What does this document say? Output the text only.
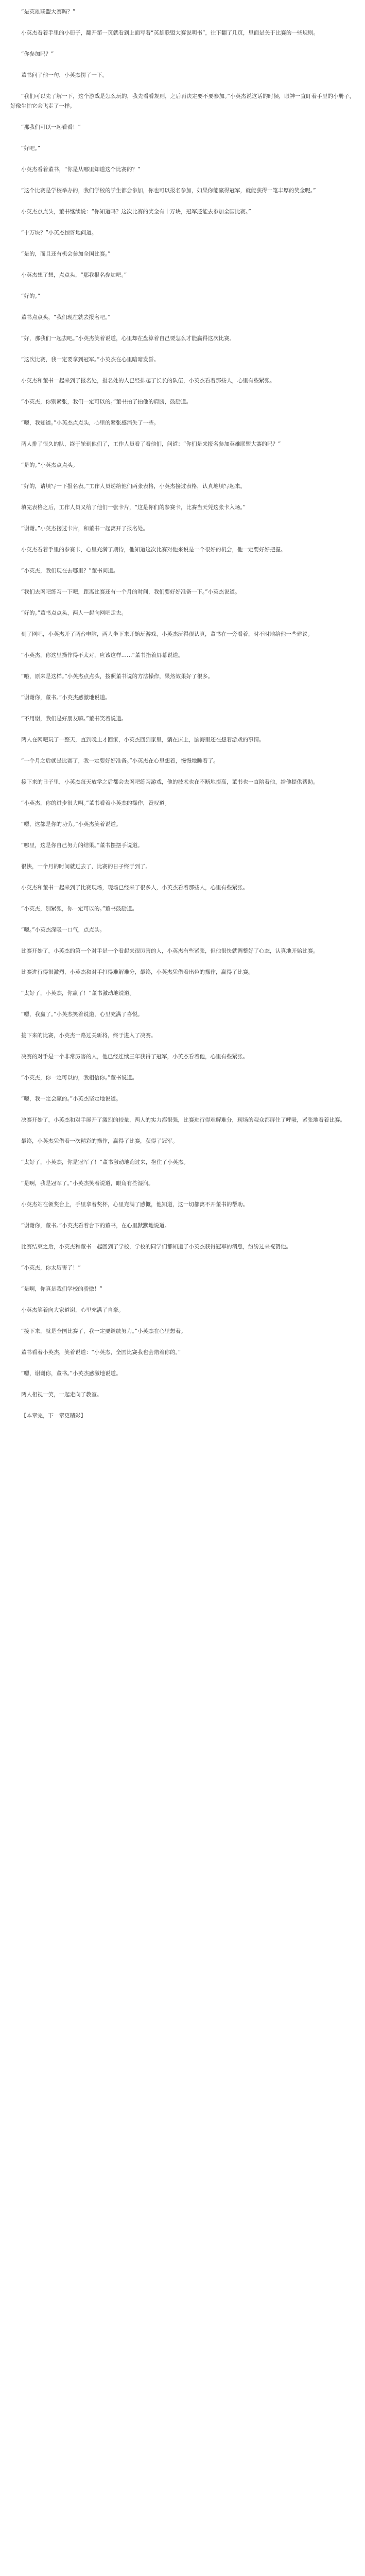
“是英雄联盟大赛吗？”

小英杰看着手里的小册子，翻开第一页就看到上面写着“英雄联盟大赛说明书”，往下翻了几页，里面是关于比赛的一些规则。

“你参加吗？”

董书问了他一句，小英杰愣了一下。

“我们可以先了解一下，这个游戏是怎么玩的，我先看看规则，之后再决定要不要参加。”小英杰说这话的时候，眼神一直盯着手里的小册子，好像生怕它会飞走了一样。

“那我们可以一起看看！”

“好吧。”

小英杰看着董书，“你是从哪里知道这个比赛的？”

“这个比赛是学校举办的，我们学校的学生都会参加，你也可以报名参加，如果你能赢得冠军，就能获得一笔丰厚的奖金呢。”

小英杰点点头，董书继续说：“你知道吗？这次比赛的奖金有十万块，冠军还能去参加全国比赛。”

“十万块？”小英杰惊讶地问道。

“是的，而且还有机会参加全国比赛。”

小英杰想了想，点点头，“那我报名参加吧。”

“好的。”

董书点点头，“我们现在就去报名吧。”

“好，那我们一起去吧。”小英杰笑着说道，心里却在盘算着自己要怎么才能赢得这次比赛。

“这次比赛，我一定要拿到冠军。”小英杰在心里暗暗发誓。

小英杰和董书一起来到了报名处，报名处的人已经排起了长长的队伍，小英杰看着那些人，心里有些紧张。

“小英杰，你别紧张，我们一定可以的。”董书拍了拍他的肩膀，鼓励道。

“嗯，我知道。”小英杰点点头，心里的紧张感消失了一些。

两人排了很久的队，终于轮到他们了，工作人员看了看他们，问道：“你们是来报名参加英雄联盟大赛的吗？”

“是的。”小英杰点点头。

“好的，请填写一下报名表。”工作人员递给他们两张表格，小英杰接过表格，认真地填写起来。

填完表格之后，工作人员又给了他们一张卡片，“这是你们的参赛卡，比赛当天凭这张卡入场。”

“谢谢。”小英杰接过卡片，和董书一起离开了报名处。

小英杰看着手里的参赛卡，心里充满了期待，他知道这次比赛对他来说是一个很好的机会，他一定要好好把握。

“小英杰，我们现在去哪里？”董书问道。

“我们去网吧练习一下吧，距离比赛还有一个月的时间，我们要好好准备一下。”小英杰说道。

“好的。”董书点点头，两人一起向网吧走去。

到了网吧，小英杰开了两台电脑，两人坐下来开始玩游戏，小英杰玩得很认真，董书在一旁看着，时不时地给他一些建议。

“小英杰，你这里操作得不太对，应该这样……”董书指着屏幕说道。

“哦，原来是这样。”小英杰点点头，按照董书说的方法操作，果然效果好了很多。

“谢谢你，董书。”小英杰感激地说道。

“不用谢，我们是好朋友嘛。”董书笑着说道。

两人在网吧玩了一整天，直到晚上才回家，小英杰回到家里，躺在床上，脑海里还在想着游戏的事情。

“一个月之后就是比赛了，我一定要好好准备。”小英杰在心里想着，慢慢地睡着了。

接下来的日子里，小英杰每天放学之后都会去网吧练习游戏，他的技术也在不断地提高，董书也一直陪着他，给他提供帮助。

“小英杰，你的进步很大啊。”董书看着小英杰的操作，赞叹道。

“嗯，这都是你的功劳。”小英杰笑着说道。

“哪里，这是你自己努力的结果。”董书摆摆手说道。

很快，一个月的时间就过去了，比赛的日子终于到了。

小英杰和董书一起来到了比赛现场，现场已经来了很多人，小英杰看着那些人，心里有些紧张。

“小英杰，别紧张，你一定可以的。”董书鼓励道。

“嗯。”小英杰深吸一口气，点点头。

比赛开始了，小英杰的第一个对手是一个看起来很厉害的人，小英杰有些紧张，但他很快就调整好了心态，认真地开始比赛。

比赛进行得很激烈，小英杰和对手打得难解难分，最终，小英杰凭借着出色的操作，赢得了比赛。

“太好了，小英杰，你赢了！”董书激动地说道。

“嗯，我赢了。”小英杰笑着说道，心里充满了喜悦。

接下来的比赛，小英杰一路过关斩将，终于进入了决赛。

决赛的对手是一个非常厉害的人，他已经连续三年获得了冠军，小英杰看着他，心里有些紧张。

“小英杰，你一定可以的，我相信你。”董书说道。

“嗯，我一定会赢的。”小英杰坚定地说道。

决赛开始了，小英杰和对手展开了激烈的较量，两人的实力都很强，比赛进行得难解难分，现场的观众都屏住了呼吸，紧张地看着比赛。

最终，小英杰凭借着一次精彩的操作，赢得了比赛，获得了冠军。

“太好了，小英杰，你是冠军了！”董书激动地跑过来，抱住了小英杰。

“是啊，我是冠军了。”小英杰笑着说道，眼角有些湿润。

小英杰站在领奖台上，手里拿着奖杯，心里充满了感慨，他知道，这一切都离不开董书的帮助。

“谢谢你，董书。”小英杰看着台下的董书，在心里默默地说道。

比赛结束之后，小英杰和董书一起回到了学校，学校的同学们都知道了小英杰获得冠军的消息，纷纷过来祝贺他。

“小英杰，你太厉害了！”

“是啊，你真是我们学校的骄傲！”

小英杰笑着向大家道谢，心里充满了自豪。

“接下来，就是全国比赛了，我一定要继续努力。”小英杰在心里想着。

董书看着小英杰，笑着说道：“小英杰，全国比赛我也会陪着你的。”

“嗯，谢谢你，董书。”小英杰感激地说道。

两人相视一笑，一起走向了教室。

【本章完，下一章更精彩】
